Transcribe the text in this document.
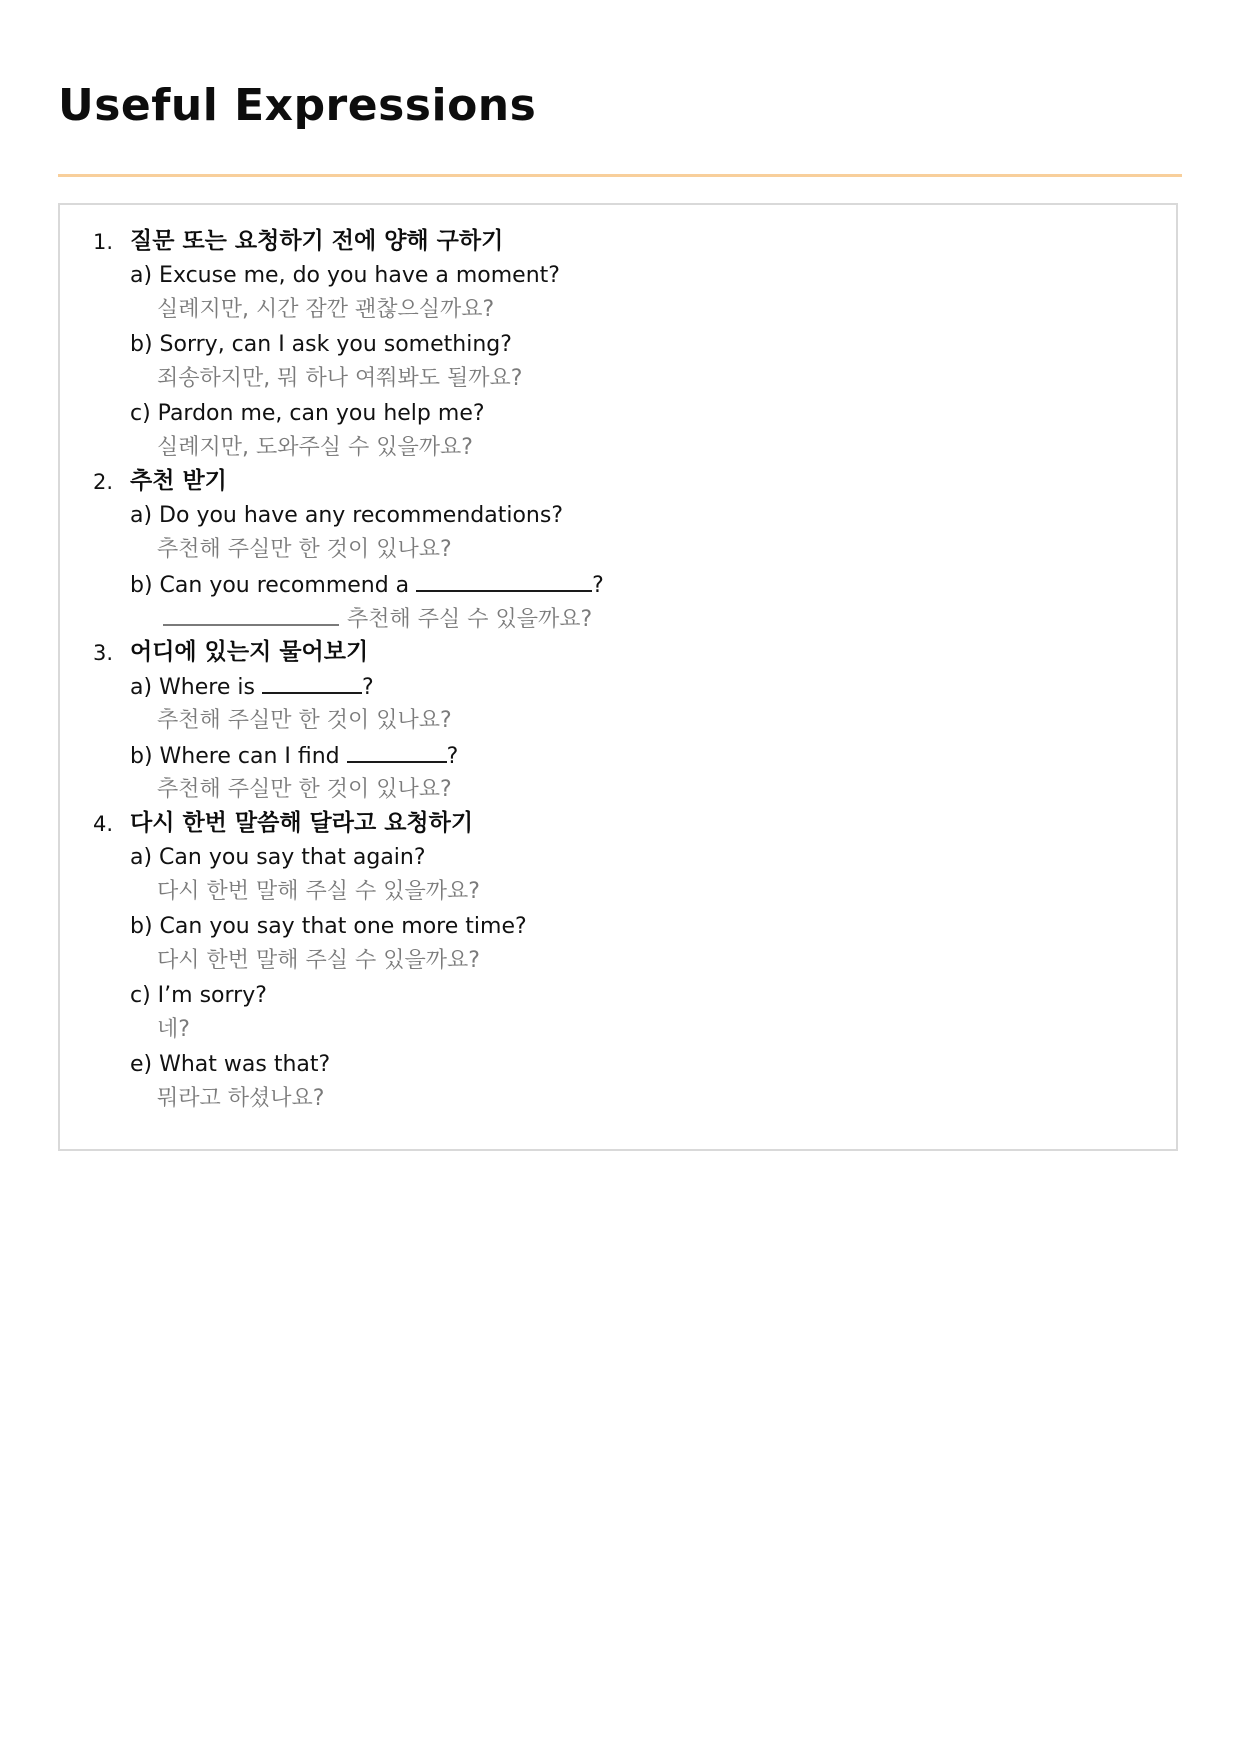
Useful Expressions
1. 질문 또는 요청하기 전에 양해 구하기
a) Excuse me, do you have a moment?
실례지만, 시간 잠깐 괜찮으실까요?
b) Sorry, can I ask you something?
죄송하지만, 뭐 하나 여쭤봐도 될까요?
c) Pardon me, can you help me?
실례지만, 도와주실 수 있을까요?
2. 추천 받기
a) Do you have any recommendations?
추천해 주실만 한 것이 있나요?
b) Can you recommend a	?
추천해 주실 수 있을까요?
3. 어디에 있는지 물어보기
a) Where is	?
추천해 주실만 한 것이 있나요?
b) Where can I find	?
추천해 주실만 한 것이 있나요?
4. 다시 한번 말씀해 달라고 요청하기
a) Can you say that again?
다시 한번 말해 주실 수 있을까요?
b) Can you say that one more time?
다시 한번 말해 주실 수 있을까요?
c) I’m sorry?
네?
e) What was that?
뭐라고 하셨나요?
